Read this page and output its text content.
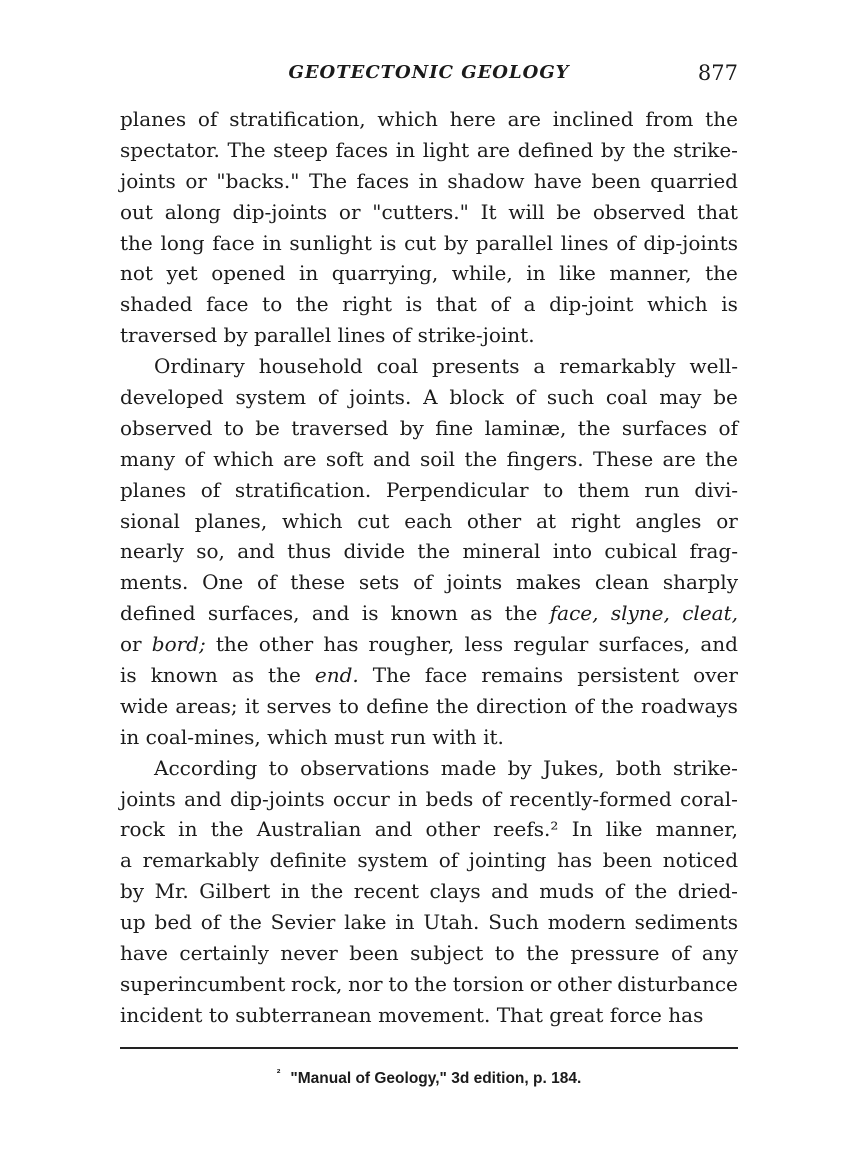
GEOTECTONIC GEOLOGY	877
planes of stratification, which here are inclined from the
spectator. The steep faces in light are defined by the strike-
joints or "backs." The faces in shadow have been quarried
out along dip-joints or "cutters." It will be observed that
the long face in sunlight is cut by parallel lines of dip-joints
not yet opened in quarrying, while, in like manner, the
shaded face to the right is that of a dip-joint which is
traversed by parallel lines of strike-joint.
Ordinary household coal presents a remarkably well-
developed system of joints. A block of such coal may be
observed to be traversed by fine laminæ, the surfaces of
many of which are soft and soil the fingers. These are the
planes of stratification. Perpendicular to them run divi-
sional planes, which cut each other at right angles or
nearly so, and thus divide the mineral into cubical frag-
ments. One of these sets of joints makes clean sharply
defined surfaces, and is known as the face, slyne, cleat,
or bord; the other has rougher, less regular surfaces, and
is known as the end. The face remains persistent over
wide areas; it serves to define the direction of the roadways
in coal-mines, which must run with it.
According to observations made by Jukes, both strike-
joints and dip-joints occur in beds of recently-formed coral-
rock in the Australian and other reefs.² In like manner,
a remarkably definite system of jointing has been noticed
by Mr. Gilbert in the recent clays and muds of the dried-
up bed of the Sevier lake in Utah. Such modern sediments
have certainly never been subject to the pressure of any
superincumbent rock, nor to the torsion or other disturbance
incident to subterranean movement. That great force has
$^{^2}$ "Manual of Geology," 3d edition, p. 184.
